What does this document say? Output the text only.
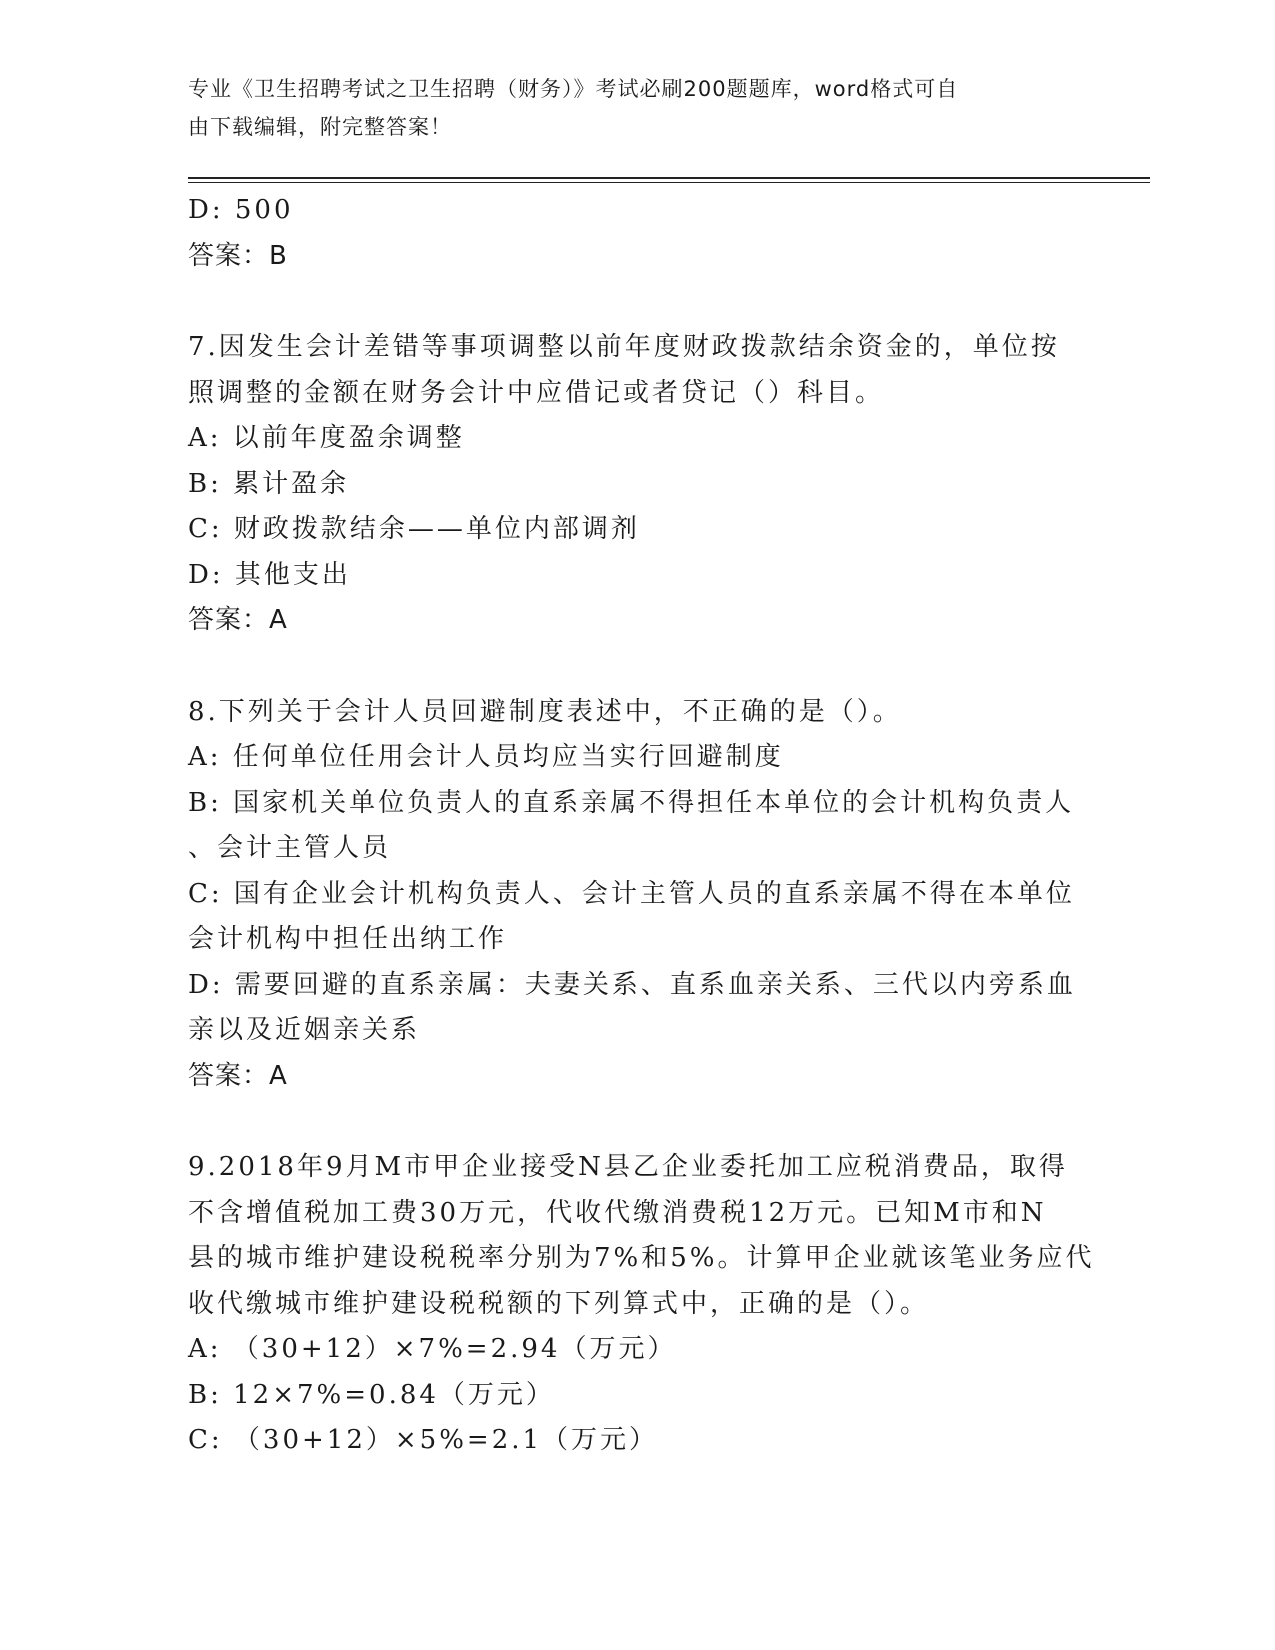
专业《卫生招聘考试之卫生招聘（财务）》考试必刷200题题库，word格式可自
由下载编辑，附完整答案！
D: 500
答案：B
7.因发生会计差错等事项调整以前年度财政拨款结余资金的，单位按
照调整的金额在财务会计中应借记或者贷记（）科目。
A: 以前年度盈余调整
B: 累计盈余
C: 财政拨款结余——单位内部调剂
D: 其他支出
答案：A
8.下列关于会计人员回避制度表述中，不正确的是（）。
A: 任何单位任用会计人员均应当实行回避制度
B: 国家机关单位负责人的直系亲属不得担任本单位的会计机构负责人
、会计主管人员
C: 国有企业会计机构负责人、会计主管人员的直系亲属不得在本单位
会计机构中担任出纳工作
D: 需要回避的直系亲属：夫妻关系、直系血亲关系、三代以内旁系血
亲以及近姻亲关系
答案：A
9.2018年9月M市甲企业接受N县乙企业委托加工应税消费品，取得
不含增值税加工费30万元，代收代缴消费税12万元。已知M市和N
县的城市维护建设税税率分别为7%和5%。计算甲企业就该笔业务应代
收代缴城市维护建设税税额的下列算式中，正确的是（）。
A: （30+12）×7%=2.94（万元）
B: 12×7%=0.84（万元）
C: （30+12）×5%=2.1（万元）
